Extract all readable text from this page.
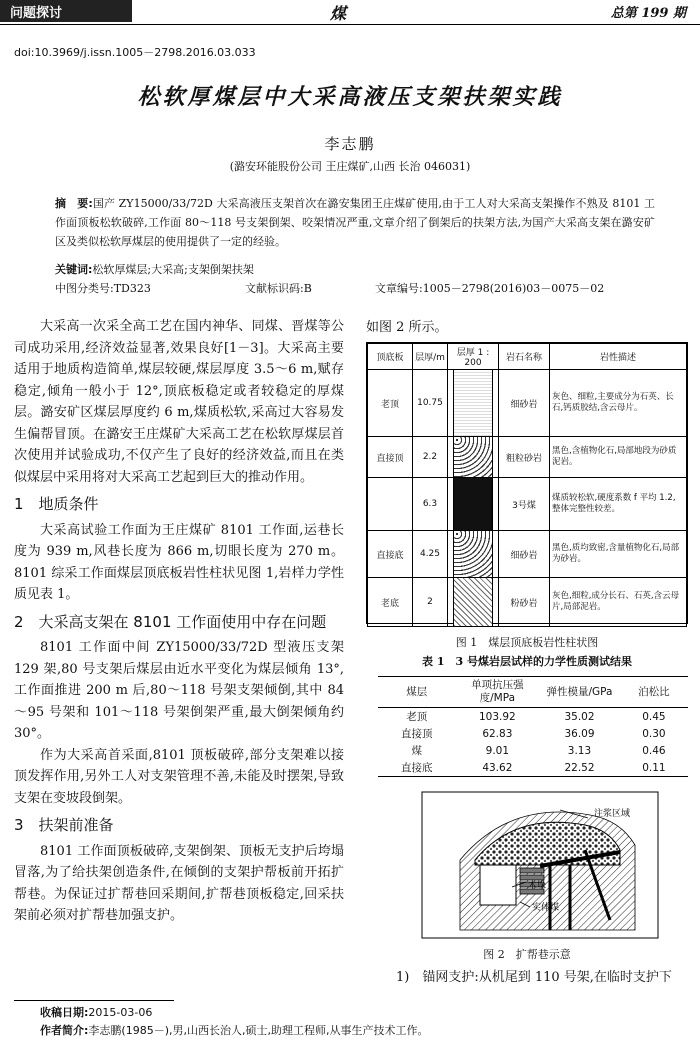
问题探讨	煤	总第 199 期
doi:10.3969/j.issn.1005－2798.2016.03.033
松软厚煤层中大采高液压支架扶架实践
李志鹏
(潞安环能股份公司 王庄煤矿,山西 长治 046031)
摘　要:国产 ZY15000/33/72D 大采高液压支架首次在潞安集团王庄煤矿使用,由于工人对大采高支架操作不熟及 8101 工作面顶板松软破碎,工作面 80～118 号支架倒架、咬架情况严重,文章介绍了倒架后的扶架方法,为国产大采高支架在潞安矿区及类似松软厚煤层的使用提供了一定的经验。
关键词:松软厚煤层;大采高;支架倒架扶架
中图分类号:TD323	文献标识码:B	文章编号:1005－2798(2016)03－0075－02

大采高一次采全高工艺在国内神华、同煤、晋煤等公司成功采用,经济效益显著,效果良好[1－3]。大采高主要适用于地质构造简单,煤层较硬,煤层厚度 3.5～6 m,赋存稳定,倾角一般小于 12°,顶底板稳定或者较稳定的厚煤层。潞安矿区煤层厚度约 6 m,煤质松软,采高过大容易发生偏帮冒顶。在潞安王庄煤矿大采高工艺在松软厚煤层首次使用并试验成功,不仅产生了良好的经济效益,而且在类似煤层中采用将对大采高工艺起到巨大的推动作用。

1　地质条件

大采高试验工作面为王庄煤矿 8101 工作面,运巷长度为 939 m,风巷长度为 866 m,切眼长度为 270 m。8101 综采工作面煤层顶底板岩性柱状见图 1,岩样力学性质见表 1。

2　大采高支架在 8101 工作面使用中存在问题

8101 工作面中间 ZY15000/33/72D 型液压支架 129 架,80 号支架后煤层由近水平变化为煤层倾角 13°,工作面推进 200 m 后,80～118 号架支架倾倒,其中 84～95 号架和 101～118 号架倒架严重,最大倒架倾角约 30°。

作为大采高首采面,8101 顶板破碎,部分支架难以接顶发挥作用,另外工人对支架管理不善,未能及时摆架,导致支架在变坡段倒架。

3　扶架前准备

8101 工作面顶板破碎,支架倒架、顶板无支护后垮塌冒落,为了给扶架创造条件,在倾倒的支架护帮板前开拓扩帮巷。为保证过扩帮巷回采期间,扩帮巷顶板稳定,回采扶架前必须对扩帮巷加强支护。

如图 2 所示。
顶底板	层厚/m	层厚 1 : 200	岩石名称	岩性描述
老顶	10.75		细砂岩	灰色、细粒,主要成分为石英、长石,钙质胶结,含云母片。
直接顶	2.2		粗粒砂岩	黑色,含植物化石,局部地段为砂质泥岩。
	6.3		3号煤	煤质较松软,硬度系数 f 平均 1.2,整体完整性较差。
直接底	4.25		细砂岩	黑色,质均致密,含量植物化石,局部为砂岩。
老底	2		粉砂岩	灰色,细粒,成分长石、石英,含云母片,局部泥岩。
图 1　煤层顶底板岩性柱状图
表 1　3 号煤岩层试样的力学性质测试结果
煤层	单项抗压强度/MPa	弹性模量/GPa	泊松比
老顶	103.92	35.02	0.45
直接顶	62.83	36.09	0.30
煤	9.01	3.13	0.46
直接底	43.62	22.52	0.11
注浆区域
木垛
实体煤
图 2　扩帮巷示意
1)　锚网支护:从机尾到 110 号架,在临时支护下
收稿日期:2015-03-06
作者简介:李志鹏(1985－),男,山西长治人,硕士,助理工程师,从事生产技术工作。
